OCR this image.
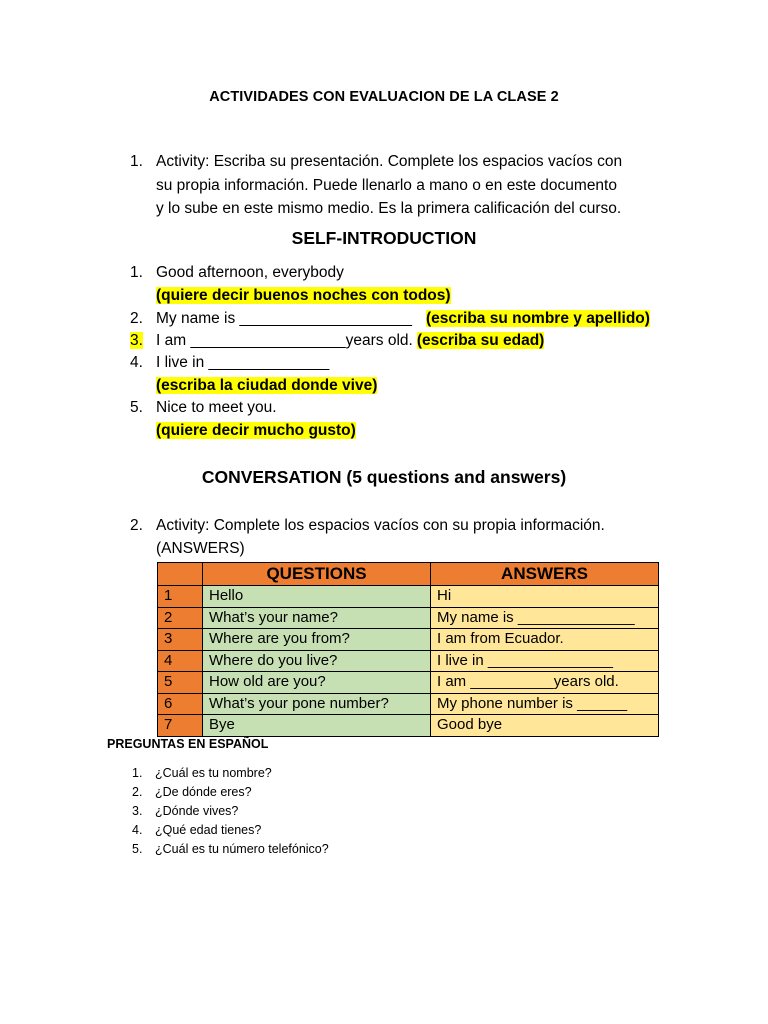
ACTIVIDADES CON EVALUACION DE LA CLASE 2
1. Activity: Escriba su presentación. Complete los espacios vacíos con
su propia información. Puede llenarlo a mano o en este documento
y lo sube en este mismo medio. Es la primera calificación del curso.
SELF-INTRODUCTION
1. Good afternoon, everybody
(quiere decir buenos noches con todos)
2. My name is ____________________ (escriba su nombre y apellido)
3. I am __________________years old. (escriba su edad)
4. I live in ______________
(escriba la ciudad donde vive)
5. Nice to meet you.
(quiere decir mucho gusto)
CONVERSATION (5 questions and answers)
2. Activity: Complete los espacios vacíos con su propia información.
(ANSWERS)
	QUESTIONS	ANSWERS
1	Hello	Hi
2	What’s your name?	My name is ______________
3	Where are you from?	I am from Ecuador.
4	Where do you live?	I live in _______________
5	How old are you?	I am __________years old.
6	What’s your pone number?	My phone number is ______
7	Bye	Good bye
PREGUNTAS EN ESPAÑOL
1. ¿Cuál es tu nombre?
2. ¿De dónde eres?
3. ¿Dónde vives?
4. ¿Qué edad tienes?
5. ¿Cuál es tu número telefónico?
